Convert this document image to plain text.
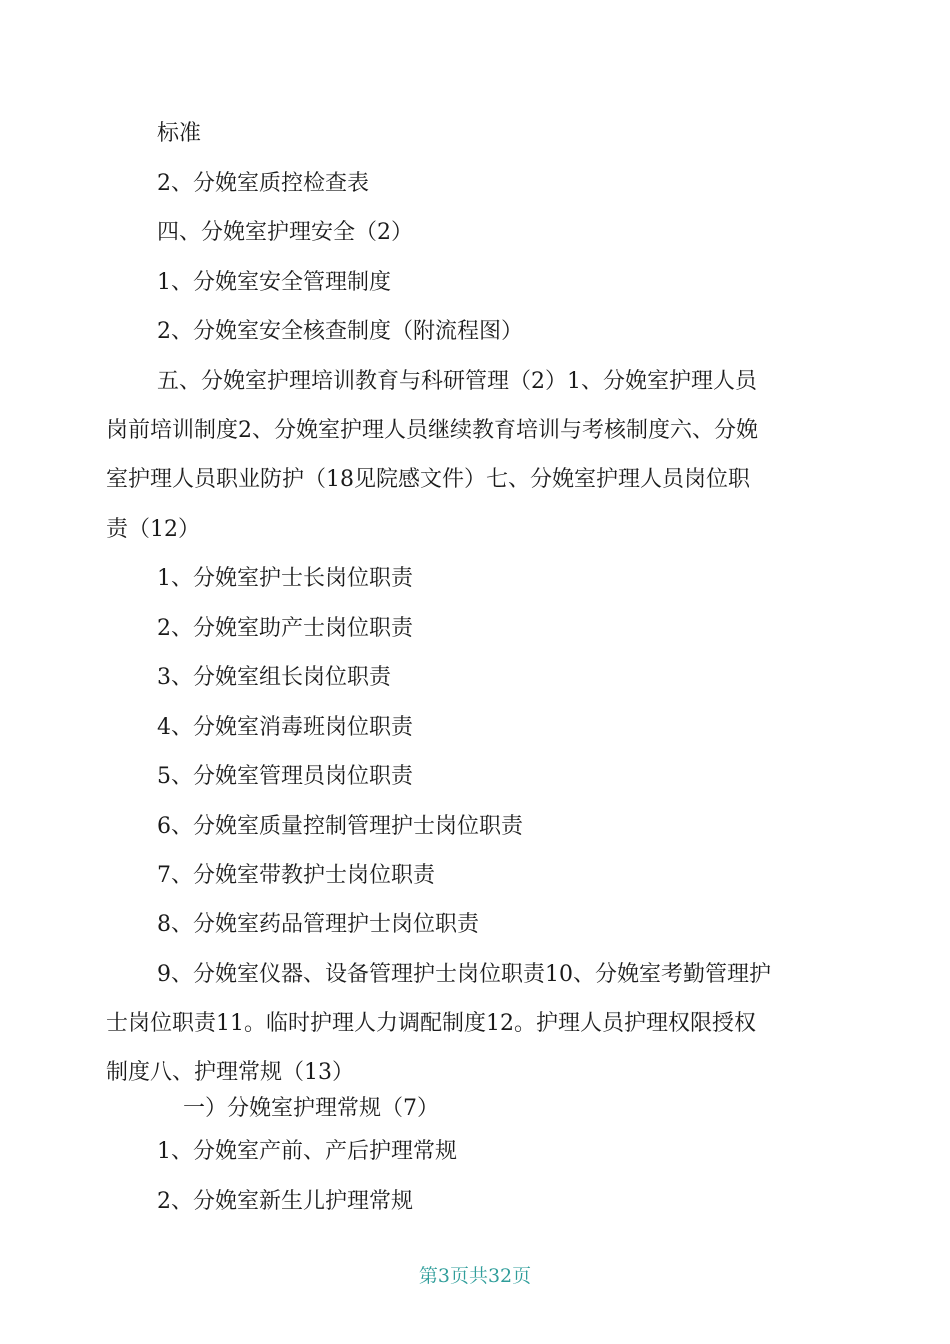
标准
2、分娩室质控检查表
四、分娩室护理安全（2）
1、分娩室安全管理制度
2、分娩室安全核查制度（附流程图）
五、分娩室护理培训教育与科研管理（2）1、分娩室护理人员
岗前培训制度2、分娩室护理人员继续教育培训与考核制度六、分娩
室护理人员职业防护（18见院感文件）七、分娩室护理人员岗位职
责（12）
1、分娩室护士长岗位职责
2、分娩室助产士岗位职责
3、分娩室组长岗位职责
4、分娩室消毒班岗位职责
5、分娩室管理员岗位职责
6、分娩室质量控制管理护士岗位职责
7、分娩室带教护士岗位职责
8、分娩室药品管理护士岗位职责
9、分娩室仪器、设备管理护士岗位职责10、分娩室考勤管理护
士岗位职责11。临时护理人力调配制度12。护理人员护理权限授权
制度八、护理常规（13）
一）分娩室护理常规（7）
1、分娩室产前、产后护理常规
2、分娩室新生儿护理常规
第3页共32页
